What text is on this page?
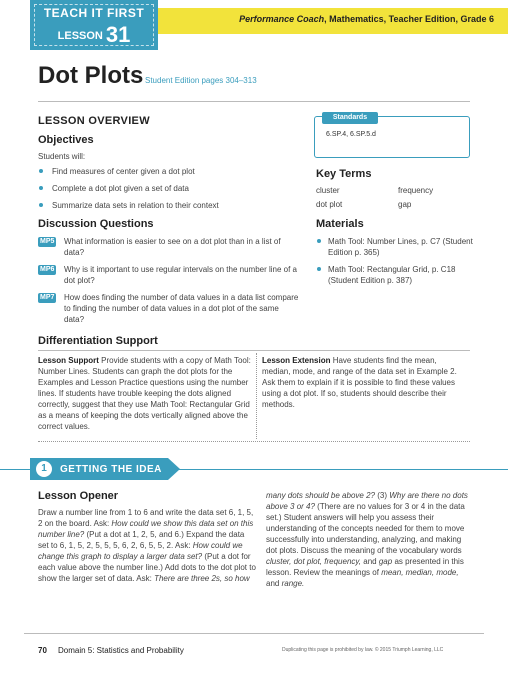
TEACH IT FIRST
LESSON 31
Performance Coach, Mathematics, Teacher Edition, Grade 6
Dot Plots Student Edition pages 304–313
LESSON OVERVIEW
Objectives
Students will:
Find measures of center given a dot plot
Complete a dot plot given a set of data
Summarize data sets in relation to their context
Discussion Questions
MP5 What information is easier to see on a dot plot than in a list of data?
MP6 Why is it important to use regular intervals on the number line of a dot plot?
MP7 How does finding the number of data values in a data list compare to finding the number of data values in a dot plot of the same data?
Standards
6.SP.4, 6.SP.5.d
Key Terms
cluster	frequency
dot plot	gap
Materials
Math Tool: Number Lines, p. C7 (Student Edition p. 365)
Math Tool: Rectangular Grid, p. C18 (Student Edition p. 387)
Differentiation Support
Lesson Support Provide students with a copy of Math Tool: Number Lines. Students can graph the dot plots for the Examples and Lesson Practice questions using the number lines. If students have trouble keeping the dots aligned correctly, suggest that they use Math Tool: Rectangular Grid as a means of keeping the dots vertically aligned above the correct values.
Lesson Extension Have students find the mean, median, mode, and range of the data set in Example 2. Ask them to explain if it is possible to find these values using a dot plot. If so, students should describe their methods.
1	GETTING THE IDEA
Lesson Opener
Draw a number line from 1 to 6 and write the data set 6, 1, 5, 2 on the board. Ask: How could we show this data set on this number line? (Put a dot at 1, 2, 5, and 6.) Expand the data set to 6, 1, 5, 2, 5, 5, 5, 6, 2, 6, 5, 5, 2. Ask: How could we change this graph to display a larger data set? (Put a dot for each value above the number line.) Add dots to the dot plot to show the larger set of data. Ask: There are three 2s, so how
many dots should be above 2? (3) Why are there no dots above 3 or 4? (There are no values for 3 or 4 in the data set.) Student answers will help you assess their understanding of the concepts needed for them to move successfully into understanding, analyzing, and making dot plots. Discuss the meaning of the vocabulary words cluster, dot plot, frequency, and gap as presented in this lesson. Review the meanings of mean, median, mode, and range.
70 Domain 5: Statistics and Probability	Duplicating this page is prohibited by law. © 2015 Triumph Learning, LLC
